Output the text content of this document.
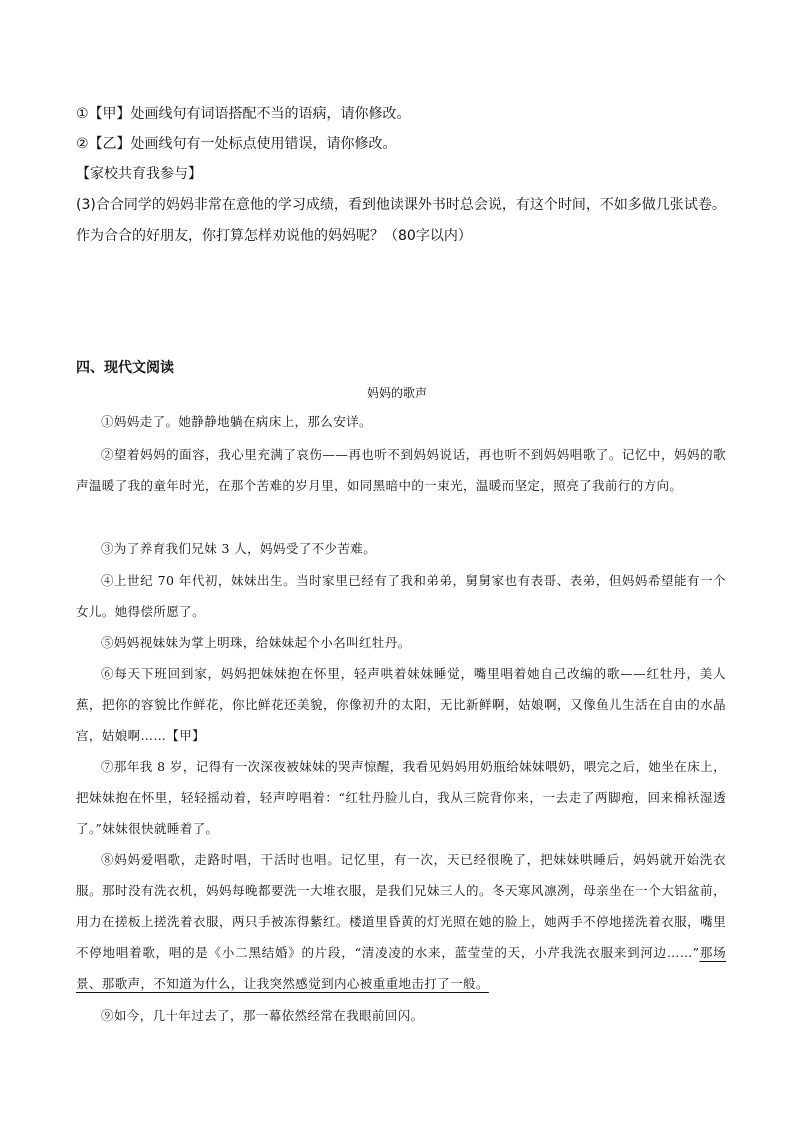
①【甲】处画线句有词语搭配不当的语病，请你修改。

②【乙】处画线句有一处标点使用错误，请你修改。

【家校共育我参与】

(3)合合同学的妈妈非常在意他的学习成绩，看到他读课外书时总会说，有这个时间，不如多做几张试卷。

作为合合的好朋友，你打算怎样劝说他的妈妈呢？（80字以内）

四、现代文阅读

妈妈的歌声

①妈妈走了。她静静地躺在病床上，那么安详。

②望着妈妈的面容，我心里充满了哀伤——再也听不到妈妈说话，再也听不到妈妈唱歌了。记忆中，妈妈的歌声温暖了我的童年时光，在那个苦难的岁月里，如同黑暗中的一束光，温暖而坚定，照亮了我前行的方向。

③为了养育我们兄妹 3 人，妈妈受了不少苦难。

④上世纪 70 年代初，妹妹出生。当时家里已经有了我和弟弟，舅舅家也有表哥、表弟，但妈妈希望能有一个女儿。她得偿所愿了。

⑤妈妈视妹妹为掌上明珠，给妹妹起个小名叫红牡丹。

⑥每天下班回到家，妈妈把妹妹抱在怀里，轻声哄着妹妹睡觉，嘴里唱着她自己改编的歌——红牡丹，美人蕉，把你的容貌比作鲜花，你比鲜花还美貌，你像初升的太阳，无比新鲜啊，姑娘啊，又像鱼儿生活在自由的水晶宫，姑娘啊……【甲】

⑦那年我 8 岁，记得有一次深夜被妹妹的哭声惊醒，我看见妈妈用奶瓶给妹妹喂奶，喂完之后，她坐在床上，把妹妹抱在怀里，轻轻摇动着，轻声哼唱着：“红牡丹脸儿白，我从三院背你来，一去走了两脚疱，回来棉袄湿透了。”妹妹很快就睡着了。

⑧妈妈爱唱歌，走路时唱，干活时也唱。记忆里，有一次，天已经很晚了，把妹妹哄睡后，妈妈就开始洗衣服。那时没有洗衣机，妈妈每晚都要洗一大堆衣服，是我们兄妹三人的。冬天寒风凛冽，母亲坐在一个大铝盆前，用力在搓板上搓洗着衣服，两只手被冻得紫红。楼道里昏黄的灯光照在她的脸上，她两手不停地搓洗着衣服，嘴里不停地唱着歌，唱的是《小二黑结婚》的片段，“清凌凌的水来，蓝莹莹的天，小芹我洗衣服来到河边……”那场景、那歌声，不知道为什么，让我突然感觉到内心被重重地击打了一般。

⑨如今，几十年过去了，那一幕依然经常在我眼前回闪。
